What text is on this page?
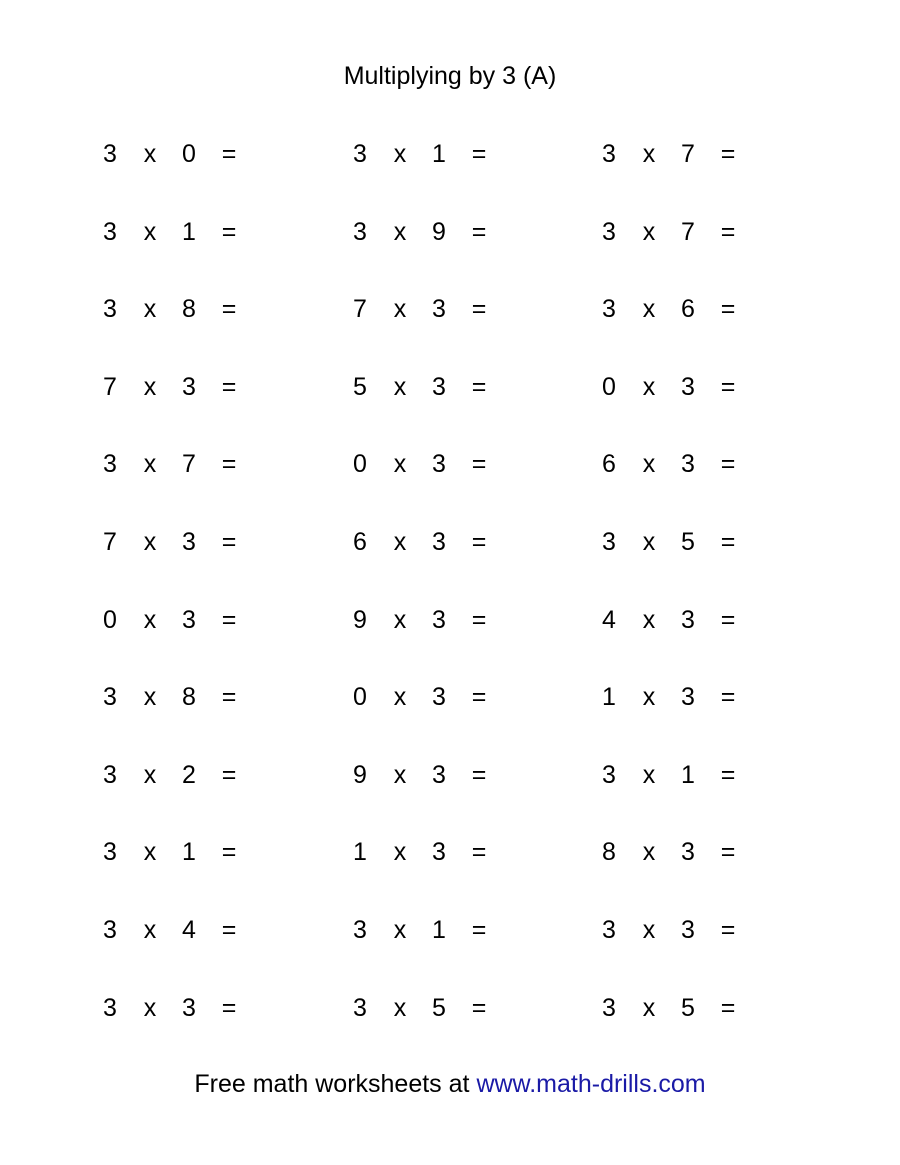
Multiplying by 3 (A)
3 x 0 =	3 x 1 =	3 x 7 =
3 x 1 =	3 x 9 =	3 x 7 =
3 x 8 =	7 x 3 =	3 x 6 =
7 x 3 =	5 x 3 =	0 x 3 =
3 x 7 =	0 x 3 =	6 x 3 =
7 x 3 =	6 x 3 =	3 x 5 =
0 x 3 =	9 x 3 =	4 x 3 =
3 x 8 =	0 x 3 =	1 x 3 =
3 x 2 =	9 x 3 =	3 x 1 =
3 x 1 =	1 x 3 =	8 x 3 =
3 x 4 =	3 x 1 =	3 x 3 =
3 x 3 =	3 x 5 =	3 x 5 =
Free math worksheets at www.math-drills.com
